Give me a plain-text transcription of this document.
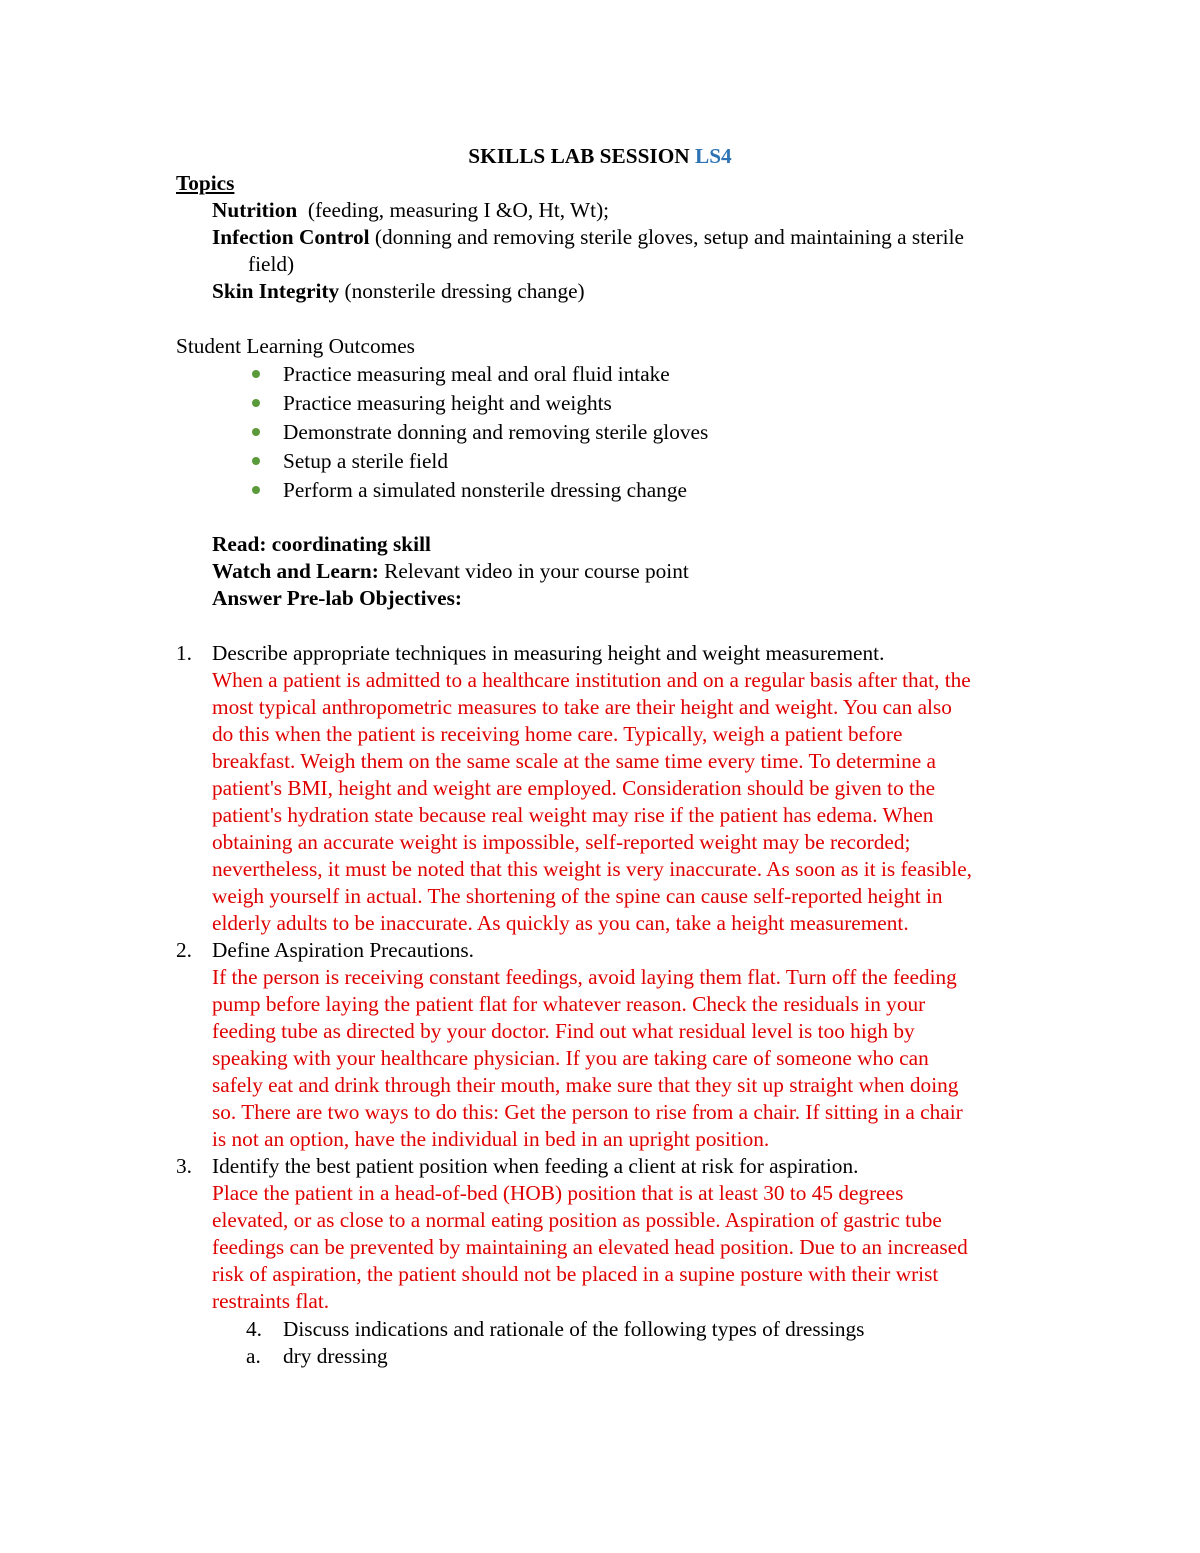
SKILLS LAB SESSION LS4
Topics
Nutrition  (feeding, measuring I &O, Ht, Wt);
Infection Control (donning and removing sterile gloves, setup and maintaining a sterile
field)
Skin Integrity (nonsterile dressing change)
Student Learning Outcomes
Practice measuring meal and oral fluid intake
Practice measuring height and weights
Demonstrate donning and removing sterile gloves
Setup a sterile field
Perform a simulated nonsterile dressing change
Read: coordinating skill
Watch and Learn: Relevant video in your course point
Answer Pre-lab Objectives:
1. Describe appropriate techniques in measuring height and weight measurement.
When a patient is admitted to a healthcare institution and on a regular basis after that, the
most typical anthropometric measures to take are their height and weight. You can also
do this when the patient is receiving home care. Typically, weigh a patient before
breakfast. Weigh them on the same scale at the same time every time. To determine a
patient's BMI, height and weight are employed. Consideration should be given to the
patient's hydration state because real weight may rise if the patient has edema. When
obtaining an accurate weight is impossible, self-reported weight may be recorded;
nevertheless, it must be noted that this weight is very inaccurate. As soon as it is feasible,
weigh yourself in actual. The shortening of the spine can cause self-reported height in
elderly adults to be inaccurate. As quickly as you can, take a height measurement.
2. Define Aspiration Precautions.
If the person is receiving constant feedings, avoid laying them flat. Turn off the feeding
pump before laying the patient flat for whatever reason. Check the residuals in your
feeding tube as directed by your doctor. Find out what residual level is too high by
speaking with your healthcare physician. If you are taking care of someone who can
safely eat and drink through their mouth, make sure that they sit up straight when doing
so. There are two ways to do this: Get the person to rise from a chair. If sitting in a chair
is not an option, have the individual in bed in an upright position.
3. Identify the best patient position when feeding a client at risk for aspiration.
Place the patient in a head-of-bed (HOB) position that is at least 30 to 45 degrees
elevated, or as close to a normal eating position as possible. Aspiration of gastric tube
feedings can be prevented by maintaining an elevated head position. Due to an increased
risk of aspiration, the patient should not be placed in a supine posture with their wrist
restraints flat.
4. Discuss indications and rationale of the following types of dressings
a. dry dressing
